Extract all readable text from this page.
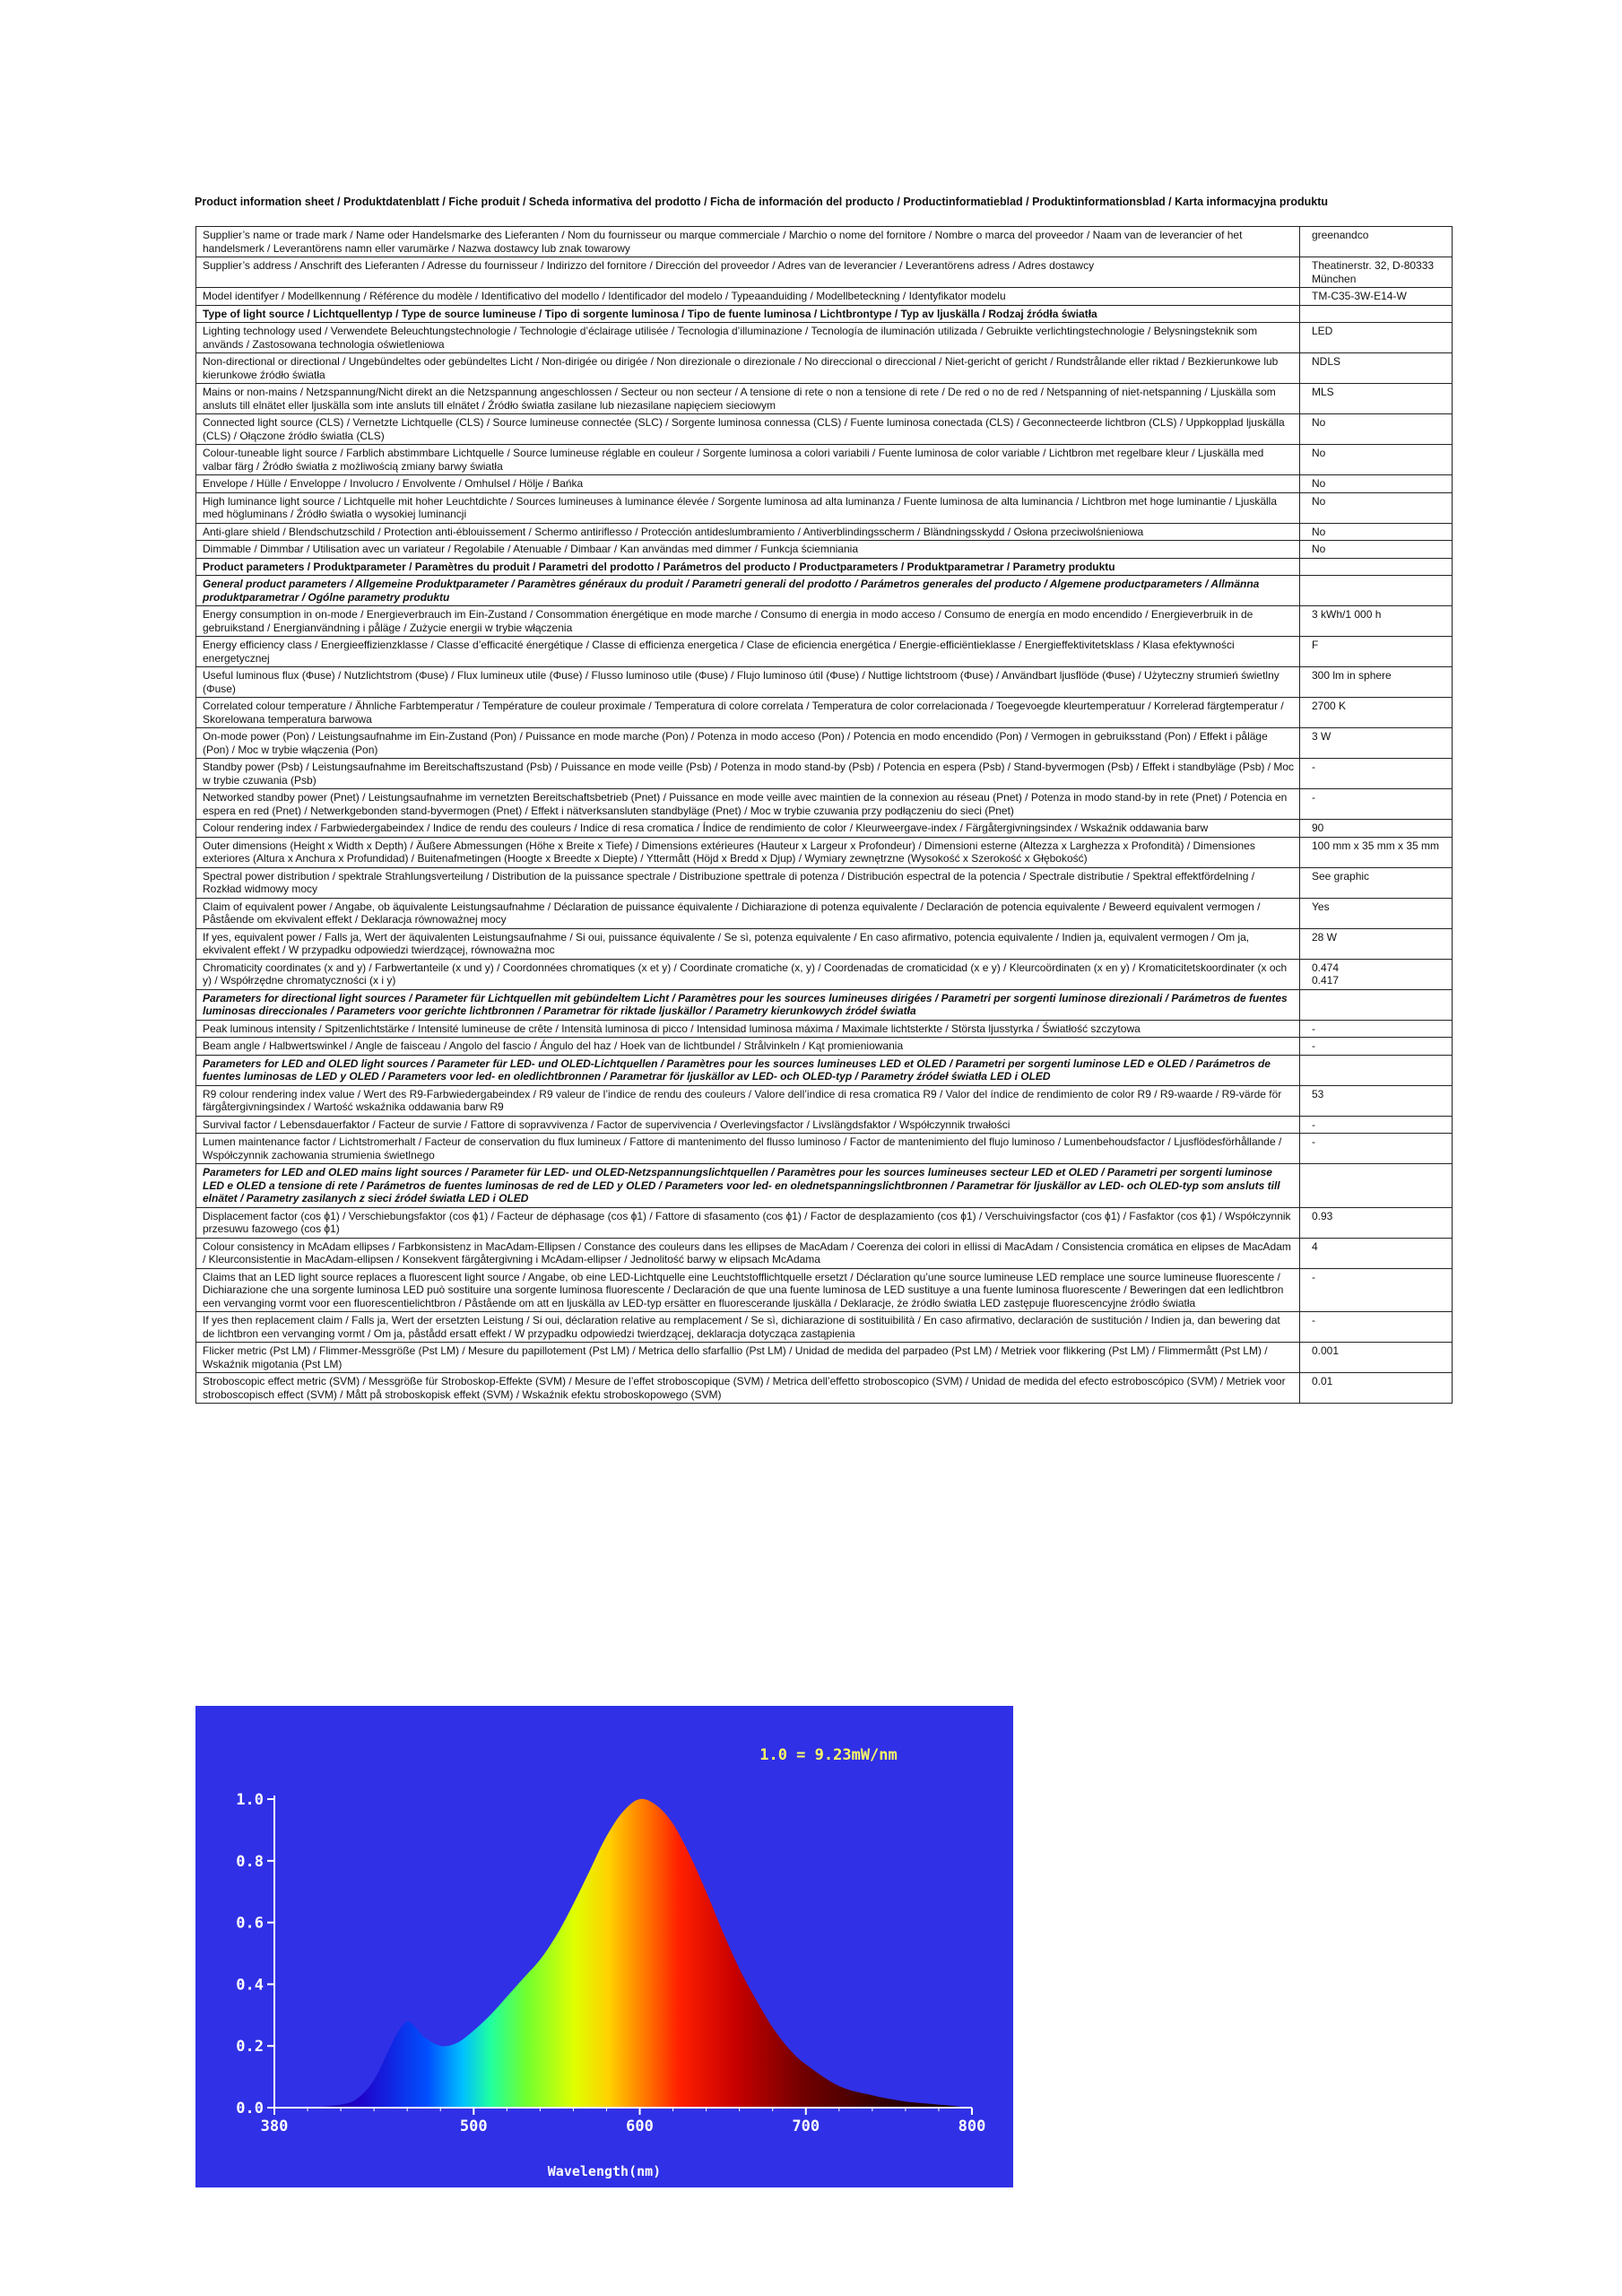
Product information sheet / Produktdatenblatt / Fiche produit / Scheda informativa del prodotto / Ficha de información del producto / Productinformatieblad / Produktinformationsblad / Karta informacyjna produktu
Supplier’s name or trade mark / Name oder Handelsmarke des Lieferanten / Nom du fournisseur ou marque commerciale / Marchio o nome del fornitore / Nombre o marca del proveedor / Naam van de leverancier of het handelsmerk / Leverantörens namn eller varumärke / Nazwa dostawcy lub znak towarowy	greenandco
Supplier’s address / Anschrift des Lieferanten / Adresse du fournisseur / Indirizzo del fornitore / Dirección del proveedor / Adres van de leverancier / Leverantörens adress / Adres dostawcy	Theatinerstr. 32, D-80333 München
Model identifyer / Modellkennung / Référence du modèle / Identificativo del modello / Identificador del modelo / Typeaanduiding / Modellbeteckning / Identyfikator modelu	TM-C35-3W-E14-W
Type of light source / Lichtquellentyp / Type de source lumineuse / Tipo di sorgente luminosa / Tipo de fuente luminosa / Lichtbrontype / Typ av ljuskälla / Rodzaj źródła światła	
Lighting technology used / Verwendete Beleuchtungstechnologie / Technologie d’éclairage utilisée / Tecnologia d’illuminazione / Tecnología de iluminación utilizada / Gebruikte verlichtingstechnologie / Belysningsteknik som används / Zastosowana technologia oświetleniowa	LED
Non-directional or directional / Ungebündeltes oder gebündeltes Licht / Non-dirigée ou dirigée / Non direzionale o direzionale / No direccional o direccional / Niet-gericht of gericht / Rundstrålande eller riktad / Bezkierunkowe lub kierunkowe źródło światła	NDLS
Mains or non-mains / Netzspannung/Nicht direkt an die Netzspannung angeschlossen / Secteur ou non secteur / A tensione di rete o non a tensione di rete / De red o no de red / Netspanning of niet-netspanning / Ljuskälla som ansluts till elnätet eller ljuskälla som inte ansluts till elnätet / Źródło światła zasilane lub niezasilane napięciem sieciowym	MLS
Connected light source (CLS) / Vernetzte Lichtquelle (CLS) / Source lumineuse connectée (SLC) / Sorgente luminosa connessa (CLS) / Fuente luminosa conectada (CLS) / Geconnecteerde lichtbron (CLS) / Uppkopplad ljuskälla (CLS) / Ołączone źródło światła (CLS)	No
Colour-tuneable light source / Farblich abstimmbare Lichtquelle / Source lumineuse réglable en couleur / Sorgente luminosa a colori variabili / Fuente luminosa de color variable / Lichtbron met regelbare kleur / Ljuskälla med valbar färg / Źródło światła z możliwością zmiany barwy światła	No
Envelope / Hülle / Enveloppe / Involucro / Envolvente / Omhulsel / Hölje / Bańka	No
High luminance light source / Lichtquelle mit hoher Leuchtdichte / Sources lumineuses à luminance élevée / Sorgente luminosa ad alta luminanza / Fuente luminosa de alta luminancia / Lichtbron met hoge luminantie / Ljuskälla med högluminans / Źródło światła o wysokiej luminancji	No
Anti-glare shield / Blendschutzschild / Protection anti-éblouissement / Schermo antiriflesso / Protección antideslumbramiento / Antiverblindingsscherm / Bländningsskydd / Osłona przeciwolśnieniowa	No
Dimmable / Dimmbar / Utilisation avec un variateur / Regolabile / Atenuable / Dimbaar / Kan användas med dimmer / Funkcja ściemniania	No
Product parameters / Produktparameter / Paramètres du produit / Parametri del prodotto / Parámetros del producto / Productparameters / Produktparametrar / Parametry produktu	
General product parameters / Allgemeine Produktparameter / Paramètres généraux du produit / Parametri generali del prodotto / Parámetros generales del producto / Algemene productparameters / Allmänna produktparametrar / Ogólne parametry produktu	
Energy consumption in on-mode / Energieverbrauch im Ein-Zustand / Consommation énergétique en mode marche / Consumo di energia in modo acceso / Consumo de energía en modo encendido / Energieverbruik in de gebruikstand / Energianvändning i påläge / Zużycie energii w trybie włączenia	3 kWh/1 000 h
Energy efficiency class / Energieeffizienzklasse / Classe d’efficacité énergétique / Classe di efficienza energetica / Clase de eficiencia energética / Energie-efficiëntieklasse / Energieffektivitetsklass / Klasa efektywności energetycznej	F
Useful luminous flux (Φuse) / Nutzlichtstrom (Φuse) / Flux lumineux utile (Φuse) / Flusso luminoso utile (Φuse) / Flujo luminoso útil (Φuse) / Nuttige lichtstroom (Φuse) / Användbart ljusflöde (Φuse) / Użyteczny strumień świetlny (Φuse)	300 lm in sphere
Correlated colour temperature / Ähnliche Farbtemperatur / Température de couleur proximale / Temperatura di colore correlata / Temperatura de color correlacionada / Toegevoegde kleurtemperatuur / Korrelerad färgtemperatur / Skorelowana temperatura barwowa	2700 K
On-mode power (Pon) / Leistungsaufnahme im Ein-Zustand (Pon) / Puissance en mode marche (Pon) / Potenza in modo acceso (Pon) / Potencia en modo encendido (Pon) / Vermogen in gebruiksstand (Pon) / Effekt i påläge (Pon) / Moc w trybie włączenia (Pon)	3 W
Standby power (Psb) / Leistungsaufnahme im Bereitschaftszustand (Psb) / Puissance en mode veille (Psb) / Potenza in modo stand-by (Psb) / Potencia en espera (Psb) / Stand-byvermogen (Psb) / Effekt i standbyläge (Psb) / Moc w trybie czuwania (Psb)	-
Networked standby power (Pnet) / Leistungsaufnahme im vernetzten Bereitschaftsbetrieb (Pnet) / Puissance en mode veille avec maintien de la connexion au réseau (Pnet) / Potenza in modo stand-by in rete (Pnet) / Potencia en espera en red (Pnet) / Netwerkgebonden stand-byvermogen (Pnet) / Effekt i nätverksansluten standbyläge (Pnet) / Moc w trybie czuwania przy podłączeniu do sieci (Pnet)	-
Colour rendering index / Farbwiedergabeindex / Indice de rendu des couleurs / Indice di resa cromatica / Índice de rendimiento de color / Kleurweergave-index / Färgåtergivningsindex / Wskaźnik oddawania barw	90
Outer dimensions (Height x Width x Depth) / Äußere Abmessungen (Höhe x Breite x Tiefe) / Dimensions extérieures (Hauteur x Largeur x Profondeur) / Dimensioni esterne (Altezza x Larghezza x Profondità) / Dimensiones exteriores (Altura x Anchura x Profundidad) / Buitenafmetingen (Hoogte x Breedte x Diepte) / Yttermått (Höjd x Bredd x Djup) / Wymiary zewnętrzne (Wysokość x Szerokość x Głębokość)	100 mm x 35 mm x 35 mm
Spectral power distribution / spektrale Strahlungsverteilung / Distribution de la puissance spectrale / Distribuzione spettrale di potenza / Distribución espectral de la potencia / Spectrale distributie / Spektral effektfördelning / Rozkład widmowy mocy	See graphic
Claim of equivalent power / Angabe, ob äquivalente Leistungsaufnahme / Déclaration de puissance équivalente / Dichiarazione di potenza equivalente / Declaración de potencia equivalente / Beweerd equivalent vermogen / Påstående om ekvivalent effekt / Deklaracja równoważnej mocy	Yes
If yes, equivalent power / Falls ja, Wert der äquivalenten Leistungsaufnahme / Si oui, puissance équivalente / Se sì, potenza equivalente / En caso afirmativo, potencia equivalente / Indien ja, equivalent vermogen / Om ja, ekvivalent effekt / W przypadku odpowiedzi twierdzącej, równoważna moc	28 W
Chromaticity coordinates (x and y) / Farbwertanteile (x und y) / Coordonnées chromatiques (x et y) / Coordinate cromatiche (x, y) / Coordenadas de cromaticidad (x e y) / Kleurcoördinaten (x en y) / Kromaticitetskoordinater (x och y) / Współrzędne chromatyczności (x i y)	0.474
0.417
Parameters for directional light sources / Parameter für Lichtquellen mit gebündeltem Licht / Paramètres pour les sources lumineuses dirigées / Parametri per sorgenti luminose direzionali / Parámetros de fuentes luminosas direccionales / Parameters voor gerichte lichtbronnen / Parametrar för riktade ljuskällor / Parametry kierunkowych źródeł światła	
Peak luminous intensity / Spitzenlichtstärke / Intensité lumineuse de crête / Intensità luminosa di picco / Intensidad luminosa máxima / Maximale lichtsterkte / Största ljusstyrka / Światłość szczytowa	-
Beam angle / Halbwertswinkel / Angle de faisceau / Angolo del fascio / Ángulo del haz / Hoek van de lichtbundel / Strålvinkeln / Kąt promieniowania	-
Parameters for LED and OLED light sources / Parameter für LED- und OLED-Lichtquellen / Paramètres pour les sources lumineuses LED et OLED / Parametri per sorgenti luminose LED e OLED / Parámetros de fuentes luminosas de LED y OLED / Parameters voor led- en oledlichtbronnen / Parametrar för ljuskällor av LED- och OLED-typ / Parametry źródeł światła LED i OLED	
R9 colour rendering index value / Wert des R9-Farbwiedergabeindex / R9 valeur de l’indice de rendu des couleurs / Valore dell’indice di resa cromatica R9 / Valor del índice de rendimiento de color R9 / R9-waarde / R9-värde för färgåtergivningsindex / Wartość wskaźnika oddawania barw R9	53
Survival factor / Lebensdauerfaktor / Facteur de survie / Fattore di sopravvivenza / Factor de supervivencia / Overlevingsfactor / Livslängdsfaktor / Współczynnik trwałości	-
Lumen maintenance factor / Lichtstromerhalt / Facteur de conservation du flux lumineux / Fattore di mantenimento del flusso luminoso / Factor de mantenimiento del flujo luminoso / Lumenbehoudsfactor / Ljusflödesförhållande / Współczynnik zachowania strumienia świetlnego	-
Parameters for LED and OLED mains light sources / Parameter für LED- und OLED-Netzspannungslichtquellen / Paramètres pour les sources lumineuses secteur LED et OLED / Parametri per sorgenti luminose LED e OLED a tensione di rete / Parámetros de fuentes luminosas de red de LED y OLED / Parameters voor led- en olednetspanningslichtbronnen / Parametrar för ljuskällor av LED- och OLED-typ som ansluts till elnätet / Parametry zasilanych z sieci źródeł światła LED i OLED	
Displacement factor (cos ϕ1) / Verschiebungsfaktor (cos ϕ1) / Facteur de déphasage (cos ϕ1) / Fattore di sfasamento (cos ϕ1) / Factor de desplazamiento (cos ϕ1) / Verschuivingsfactor (cos ϕ1) / Fasfaktor (cos ϕ1) / Współczynnik przesuwu fazowego (cos ϕ1)	0.93
Colour consistency in McAdam ellipses / Farbkonsistenz in MacAdam-Ellipsen / Constance des couleurs dans les ellipses de MacAdam / Coerenza dei colori in ellissi di MacAdam / Consistencia cromática en elipses de MacAdam / Kleurconsistentie in MacAdam-ellipsen / Konsekvent färgåtergivning i McAdam-ellipser / Jednolitość barwy w elipsach McAdama	4
Claims that an LED light source replaces a fluorescent light source / Angabe, ob eine LED-Lichtquelle eine Leuchtstofflichtquelle ersetzt / Déclaration qu’une source lumineuse LED remplace une source lumineuse fluorescente / Dichiarazione che una sorgente luminosa LED può sostituire una sorgente luminosa fluorescente / Declaración de que una fuente luminosa de LED sustituye a una fuente luminosa fluorescente / Beweringen dat een ledlichtbron een vervanging vormt voor een fluorescentielichtbron / Påstående om att en ljuskälla av LED-typ ersätter en fluorescerande ljuskälla / Deklaracje, że źródło światła LED zastępuje fluorescencyjne źródło światła	-
If yes then replacement claim / Falls ja, Wert der ersetzten Leistung / Si oui, déclaration relative au remplacement / Se sì, dichiarazione di sostituibilità / En caso afirmativo, declaración de sustitución / Indien ja, dan bewering dat de lichtbron een vervanging vormt / Om ja, påstådd ersatt effekt / W przypadku odpowiedzi twierdzącej, deklaracja dotycząca zastąpienia	-
Flicker metric (Pst LM) / Flimmer-Messgröße (Pst LM) / Mesure du papillotement (Pst LM) / Metrica dello sfarfallio (Pst LM) / Unidad de medida del parpadeo (Pst LM) / Metriek voor flikkering (Pst LM) / Flimmermått (Pst LM) / Wskaźnik migotania (Pst LM)	0.001
Stroboscopic effect metric (SVM) / Messgröße für Stroboskop-Effekte (SVM) / Mesure de l’effet stroboscopique (SVM) / Metrica dell’effetto stroboscopico (SVM) / Unidad de medida del efecto estroboscópico (SVM) / Metriek voor stroboscopisch effect (SVM) / Mått på stroboskopisk effekt (SVM) / Wskaźnik efektu stroboskopowego (SVM)	0.01
0.0
0.2
0.4
0.6
0.8
1.0
380	500	600	700	800
1.0 = 9.23mW/nm
Wavelength(nm)
